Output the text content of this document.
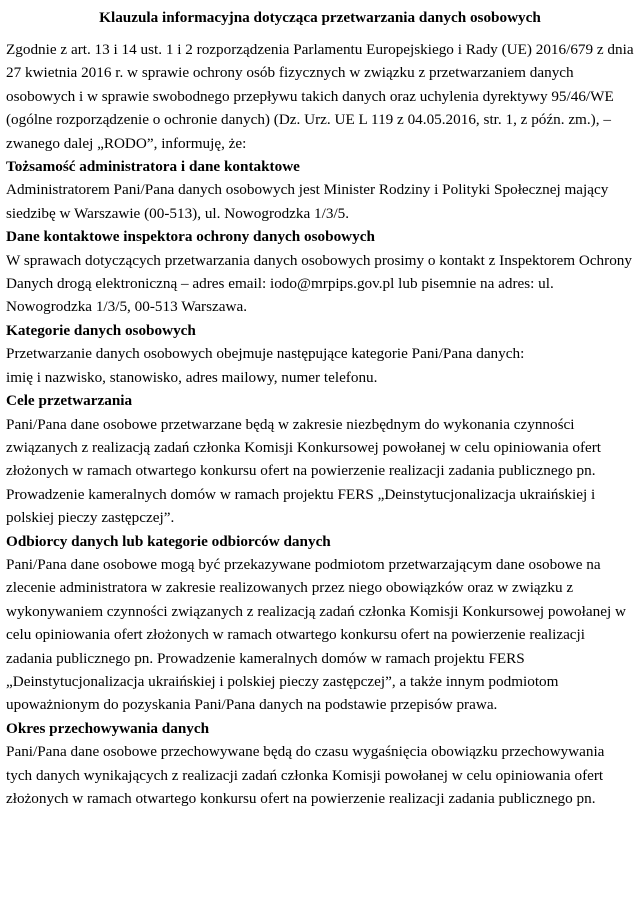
Klauzula informacyjna dotycząca przetwarzania danych osobowych

Zgodnie z art. 13 i 14 ust. 1 i 2 rozporządzenia Parlamentu Europejskiego i Rady (UE) 2016/679 z dnia 27 kwietnia 2016 r. w sprawie ochrony osób fizycznych w związku z przetwarzaniem danych osobowych i w sprawie swobodnego przepływu takich danych oraz uchylenia dyrektywy 95/46/WE (ogólne rozporządzenie o ochronie danych) (Dz. Urz. UE L 119 z 04.05.2016, str. 1, z późn. zm.), – zwanego dalej „RODO”, informuję, że:

Tożsamość administratora i dane kontaktowe

Administratorem Pani/Pana danych osobowych jest Minister Rodziny i Polityki Społecznej mający siedzibę w Warszawie (00-513), ul. Nowogrodzka 1/3/5.

Dane kontaktowe inspektora ochrony danych osobowych

W sprawach dotyczących przetwarzania danych osobowych prosimy o kontakt z Inspektorem Ochrony Danych drogą elektroniczną – adres email: iodo@mrpips.gov.pl lub pisemnie na adres: ul. Nowogrodzka 1/3/5, 00-513 Warszawa.

Kategorie danych osobowych

Przetwarzanie danych osobowych obejmuje następujące kategorie Pani/Pana danych:

imię i nazwisko, stanowisko, adres mailowy, numer telefonu.

Cele przetwarzania

Pani/Pana dane osobowe przetwarzane będą w zakresie niezbędnym do wykonania czynności związanych z realizacją zadań członka Komisji Konkursowej powołanej w celu opiniowania ofert złożonych w ramach otwartego konkursu ofert na powierzenie realizacji zadania publicznego pn. Prowadzenie kameralnych domów w ramach projektu FERS „Deinstytucjonalizacja ukraińskiej i polskiej pieczy zastępczej”.

Odbiorcy danych lub kategorie odbiorców danych

Pani/Pana dane osobowe mogą być przekazywane podmiotom przetwarzającym dane osobowe na zlecenie administratora w zakresie realizowanych przez niego obowiązków oraz w związku z wykonywaniem czynności związanych z realizacją zadań członka Komisji Konkursowej powołanej w celu opiniowania ofert złożonych w ramach otwartego konkursu ofert na powierzenie realizacji zadania publicznego pn. Prowadzenie kameralnych domów w ramach projektu FERS „Deinstytucjonalizacja ukraińskiej i polskiej pieczy zastępczej”, a także innym podmiotom upoważnionym do pozyskania Pani/Pana danych na podstawie przepisów prawa.

Okres przechowywania danych

Pani/Pana dane osobowe przechowywane będą do czasu wygaśnięcia obowiązku przechowywania tych danych wynikających z realizacji zadań członka Komisji powołanej w celu opiniowania ofert złożonych w ramach otwartego konkursu ofert na powierzenie realizacji zadania publicznego pn.
